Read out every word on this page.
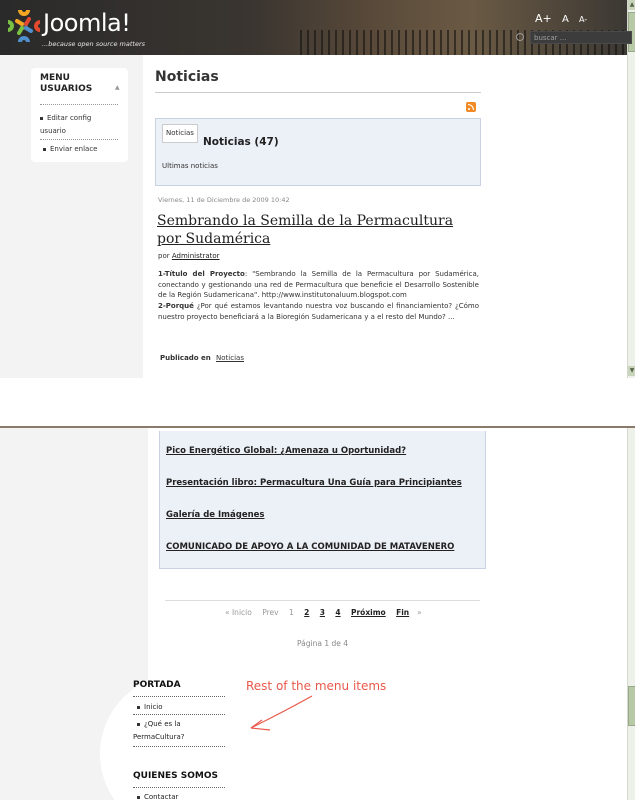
Joomla!
...because open source matters
A+ A A-
buscar ...
▲
▼
MENU USUARIOS	▲
Editar config usuario
Enviar enlace
Noticias
Noticias
Noticias (47)
Ultimas noticias
Viernes, 11 de Diciembre de 2009 10:42
Sembrando la Semilla de la Permacultura por Sudamérica
por Administrator
1-Título del Proyecto: "Sembrando la Semilla de la Permacultura por Sudamérica, conectando y gestionando una red de Permacultura que beneficie el Desarrollo Sostenible de la Región Sudamericana". http://www.institutonaluum.blogspot.com
2-Porqué ¿Por qué estamos levantando nuestra voz buscando el financiamiento? ¿Cómo nuestro proyecto beneficiará a la Bioregión Sudamericana y a el resto del Mundo? ...
Publicado en Noticias
Pico Energético Global: ¿Amenaza u Oportunidad?
Presentación libro: Permacultura Una Guía para Principiantes
Galería de Imágenes
COMUNICADO DE APOYO A LA COMUNIDAD DE MATAVENERO
« Inicio Prev 1 2 3 4 Próximo Fin »
Página 1 de 4
PORTADA
Inicio
¿Qué es la PermaCultura?
QUIENES SOMOS
Contactar
Rest of the menu items
